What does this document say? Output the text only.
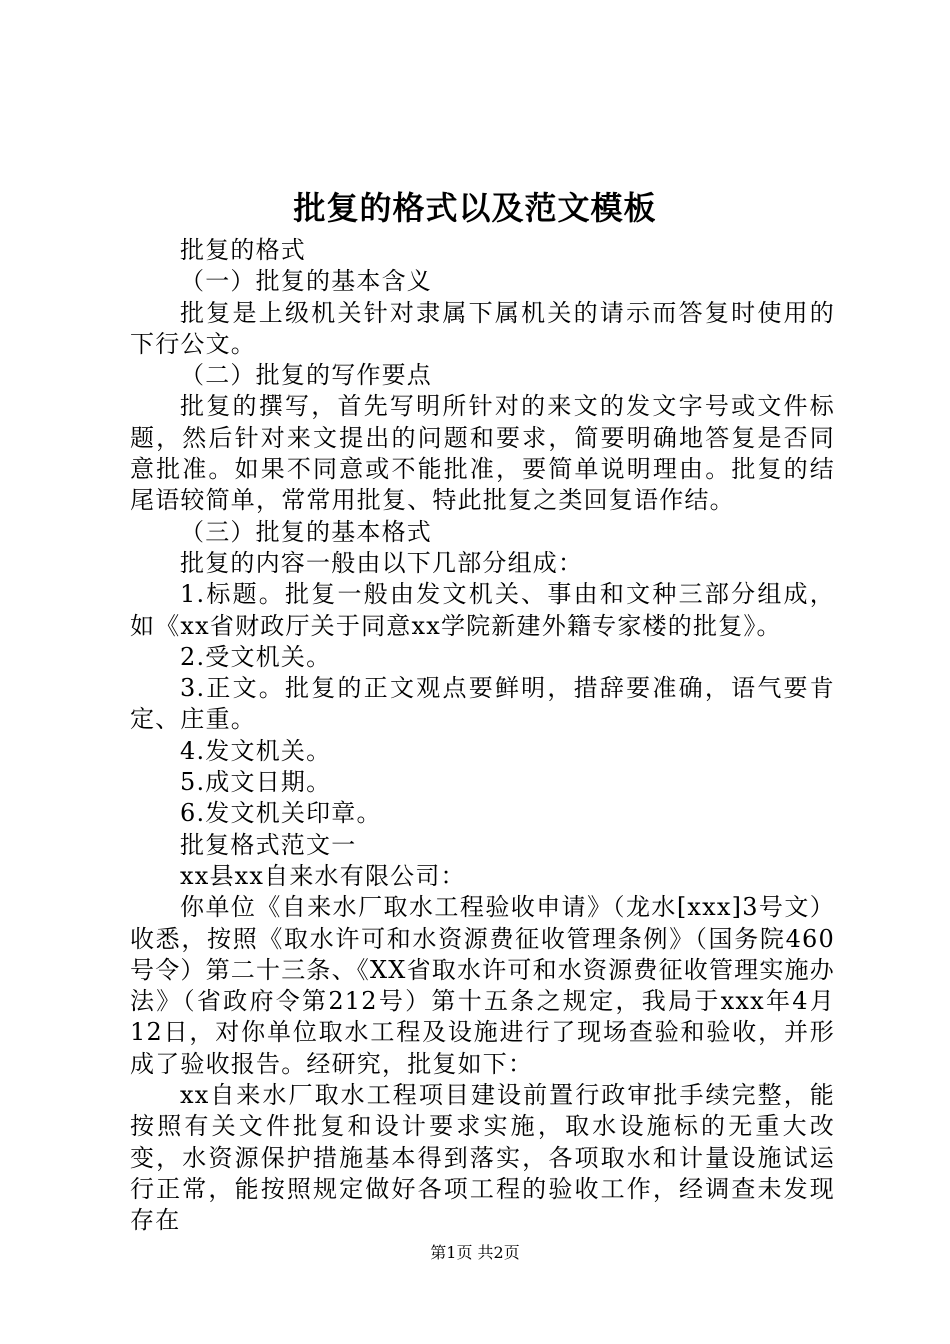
批复的格式以及范文模板

批复的格式

（一）批复的基本含义

批复是上级机关针对隶属下属机关的请示而答复时使用的下行公文。

（二）批复的写作要点

批复的撰写，首先写明所针对的来文的发文字号或文件标题，然后针对来文提出的问题和要求，简要明确地答复是否同意批准。如果不同意或不能批准，要简单说明理由。批复的结尾语较简单，常常用批复、特此批复之类回复语作结。

（三）批复的基本格式

批复的内容一般由以下几部分组成：

1.标题。批复一般由发文机关、事由和文种三部分组成，如《xx省财政厅关于同意xx学院新建外籍专家楼的批复》。

2.受文机关。

3.正文。批复的正文观点要鲜明，措辞要准确，语气要肯定、庄重。

4.发文机关。

5.成文日期。

6.发文机关印章。

批复格式范文一

xx县xx自来水有限公司：

你单位《自来水厂取水工程验收申请》（龙水[xxx]3号文）收悉，按照《取水许可和水资源费征收管理条例》（国务院460号令）第二十三条、《XX省取水许可和水资源费征收管理实施办法》（省政府令第212号）第十五条之规定，我局于xxx年4月12日，对你单位取水工程及设施进行了现场查验和验收，并形成了验收报告。经研究，批复如下：

xx自来水厂取水工程项目建设前置行政审批手续完整，能按照有关文件批复和设计要求实施，取水设施标的无重大改变，水资源保护措施基本得到落实，各项取水和计量设施试运行正常，能按照规定做好各项工程的验收工作，经调查未发现存在

第1页 共2页
